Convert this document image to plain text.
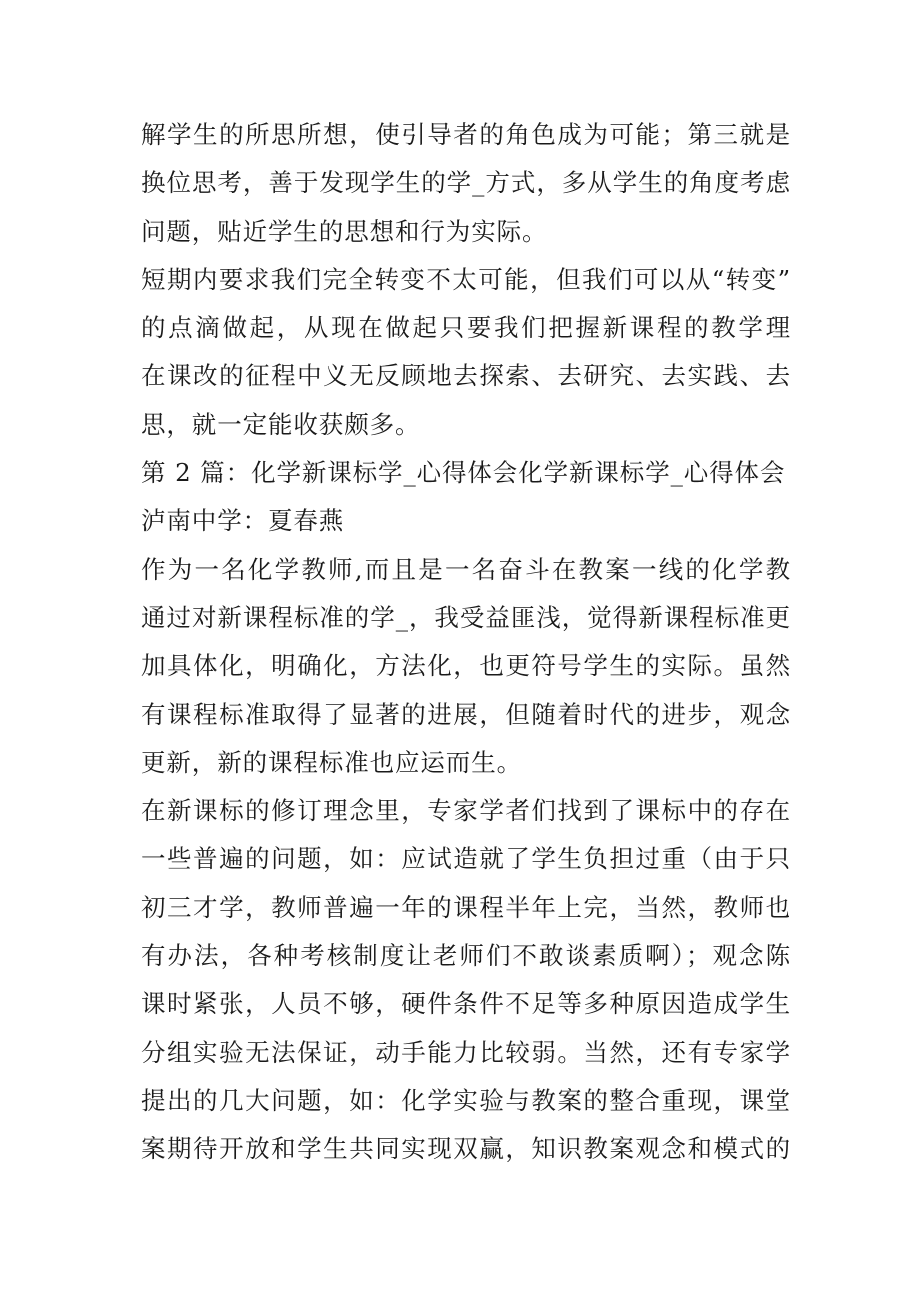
解学生的所思所想，使引导者的角色成为可能；第三就是
换位思考，善于发现学生的学_方式，多从学生的角度考虑
问题，贴近学生的思想和行为实际。
短期内要求我们完全转变不太可能，但我们可以从“转变”
的点滴做起，从现在做起只要我们把握新课程的教学理
在课改的征程中义无反顾地去探索、去研究、去实践、去
思，就一定能收获颇多。
第 2 篇：化学新课标学_心得体会化学新课标学_心得体会
泸南中学：夏春燕
作为一名化学教师,而且是一名奋斗在教案一线的化学教
通过对新课程标准的学_，我受益匪浅，觉得新课程标准更
加具体化，明确化，方法化，也更符号学生的实际。虽然
有课程标准取得了显著的进展，但随着时代的进步，观念
更新，新的课程标准也应运而生。
在新课标的修订理念里，专家学者们找到了课标中的存在
一些普遍的问题，如：应试造就了学生负担过重（由于只
初三才学，教师普遍一年的课程半年上完，当然，教师也
有办法，各种考核制度让老师们不敢谈素质啊）；观念陈
课时紧张，人员不够，硬件条件不足等多种原因造成学生
分组实验无法保证，动手能力比较弱。当然，还有专家学
提出的几大问题，如：化学实验与教案的整合重现，课堂
案期待开放和学生共同实现双赢，知识教案观念和模式的
